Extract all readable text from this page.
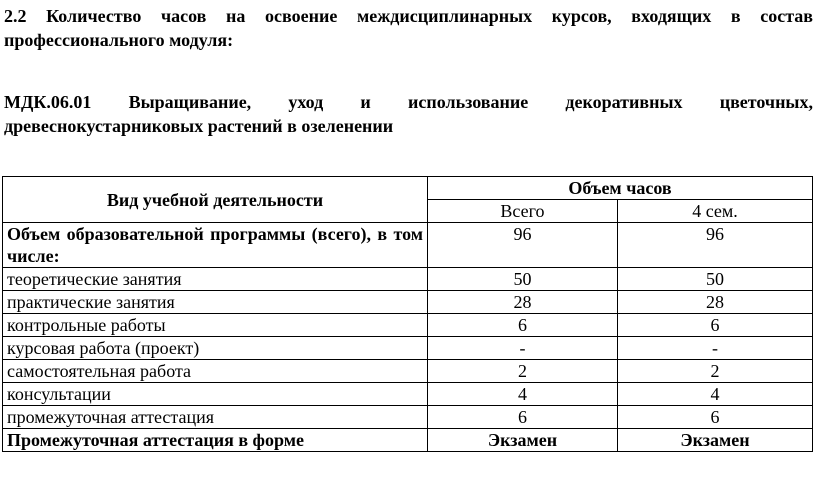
2.2 Количество часов на освоение междисциплинарных курсов, входящих в состав профессионального модуля:

МДК.06.01 Выращивание, уход и использование декоративных цветочных, древеснокустарниковых растений в озеленении

Вид учебной деятельности	Объем часов	
	Всего	4 сем.
Объем образовательной программы (всего), в том числе:	96	96
теоретические занятия	50	50
практические занятия	28	28
контрольные работы	6	6
курсовая работа (проект)	-	-
самостоятельная работа	2	2
консультации	4	4
промежуточная аттестация	6	6
Промежуточная аттестация в форме	Экзамен	Экзамен
